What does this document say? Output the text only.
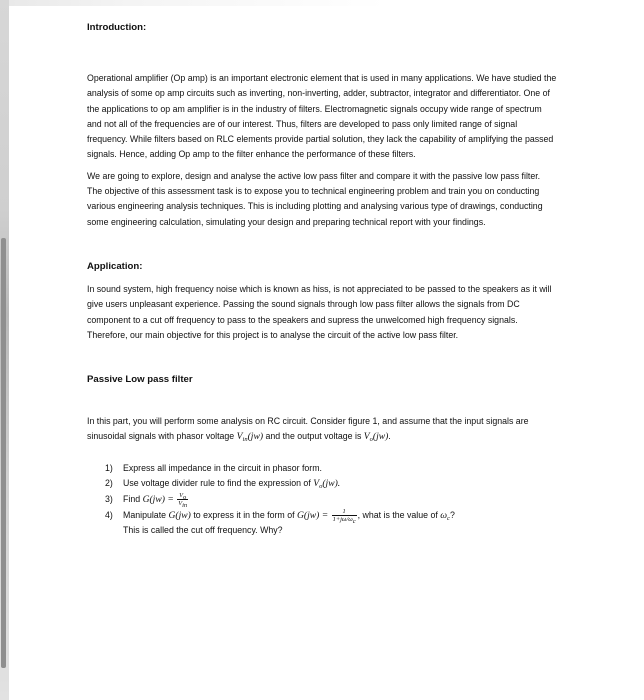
Introduction:

Operational amplifier (Op amp) is an important electronic element that is used in many applications. We have studied the analysis of some op amp circuits such as inverting, non-inverting, adder, subtractor, integrator and differentiator. One of the applications to op am amplifier is in the industry of filters. Electromagnetic signals occupy wide range of spectrum and not all of the frequencies are of our interest. Thus, filters are developed to pass only limited range of signal frequency. While filters based on RLC elements provide partial solution, they lack the capability of amplifying the passed signals. Hence, adding Op amp to the filter enhance the performance of these filters.

We are going to explore, design and analyse the active low pass filter and compare it with the passive low pass filter. The objective of this assessment task is to expose you to technical engineering problem and train you on conducting various engineering analysis techniques. This is including plotting and analysing various type of drawings, conducting some engineering calculation, simulating your design and preparing technical report with your findings.

Application:

In sound system, high frequency noise which is known as hiss, is not appreciated to be passed to the speakers as it will give users unpleasant experience. Passing the sound signals through low pass filter allows the signals from DC component to a cut off frequency to pass to the speakers and supress the unwelcomed high frequency signals. Therefore, our main objective for this project is to analyse the circuit of the active low pass filter.

Passive Low pass filter

In this part, you will perform some analysis on RC circuit. Consider figure 1, and assume that the input signals are sinusoidal signals with phasor voltage $V_{in}(jw)$ and the output voltage is $V_o(jw)$.

1) Express all impedance in the circuit in phasor form.
2) Use voltage divider rule to find the expression of $V_o(jw)$.
3) Find $G(jw) = \frac{V_o}{V_{in}}$
4) Manipulate G(jw) to express it in the form of $G(jw) = \frac{1}{1+j\omega/\omega_c}$ , what is the value of $\omega_c$?
This is called the cut off frequency. Why?
